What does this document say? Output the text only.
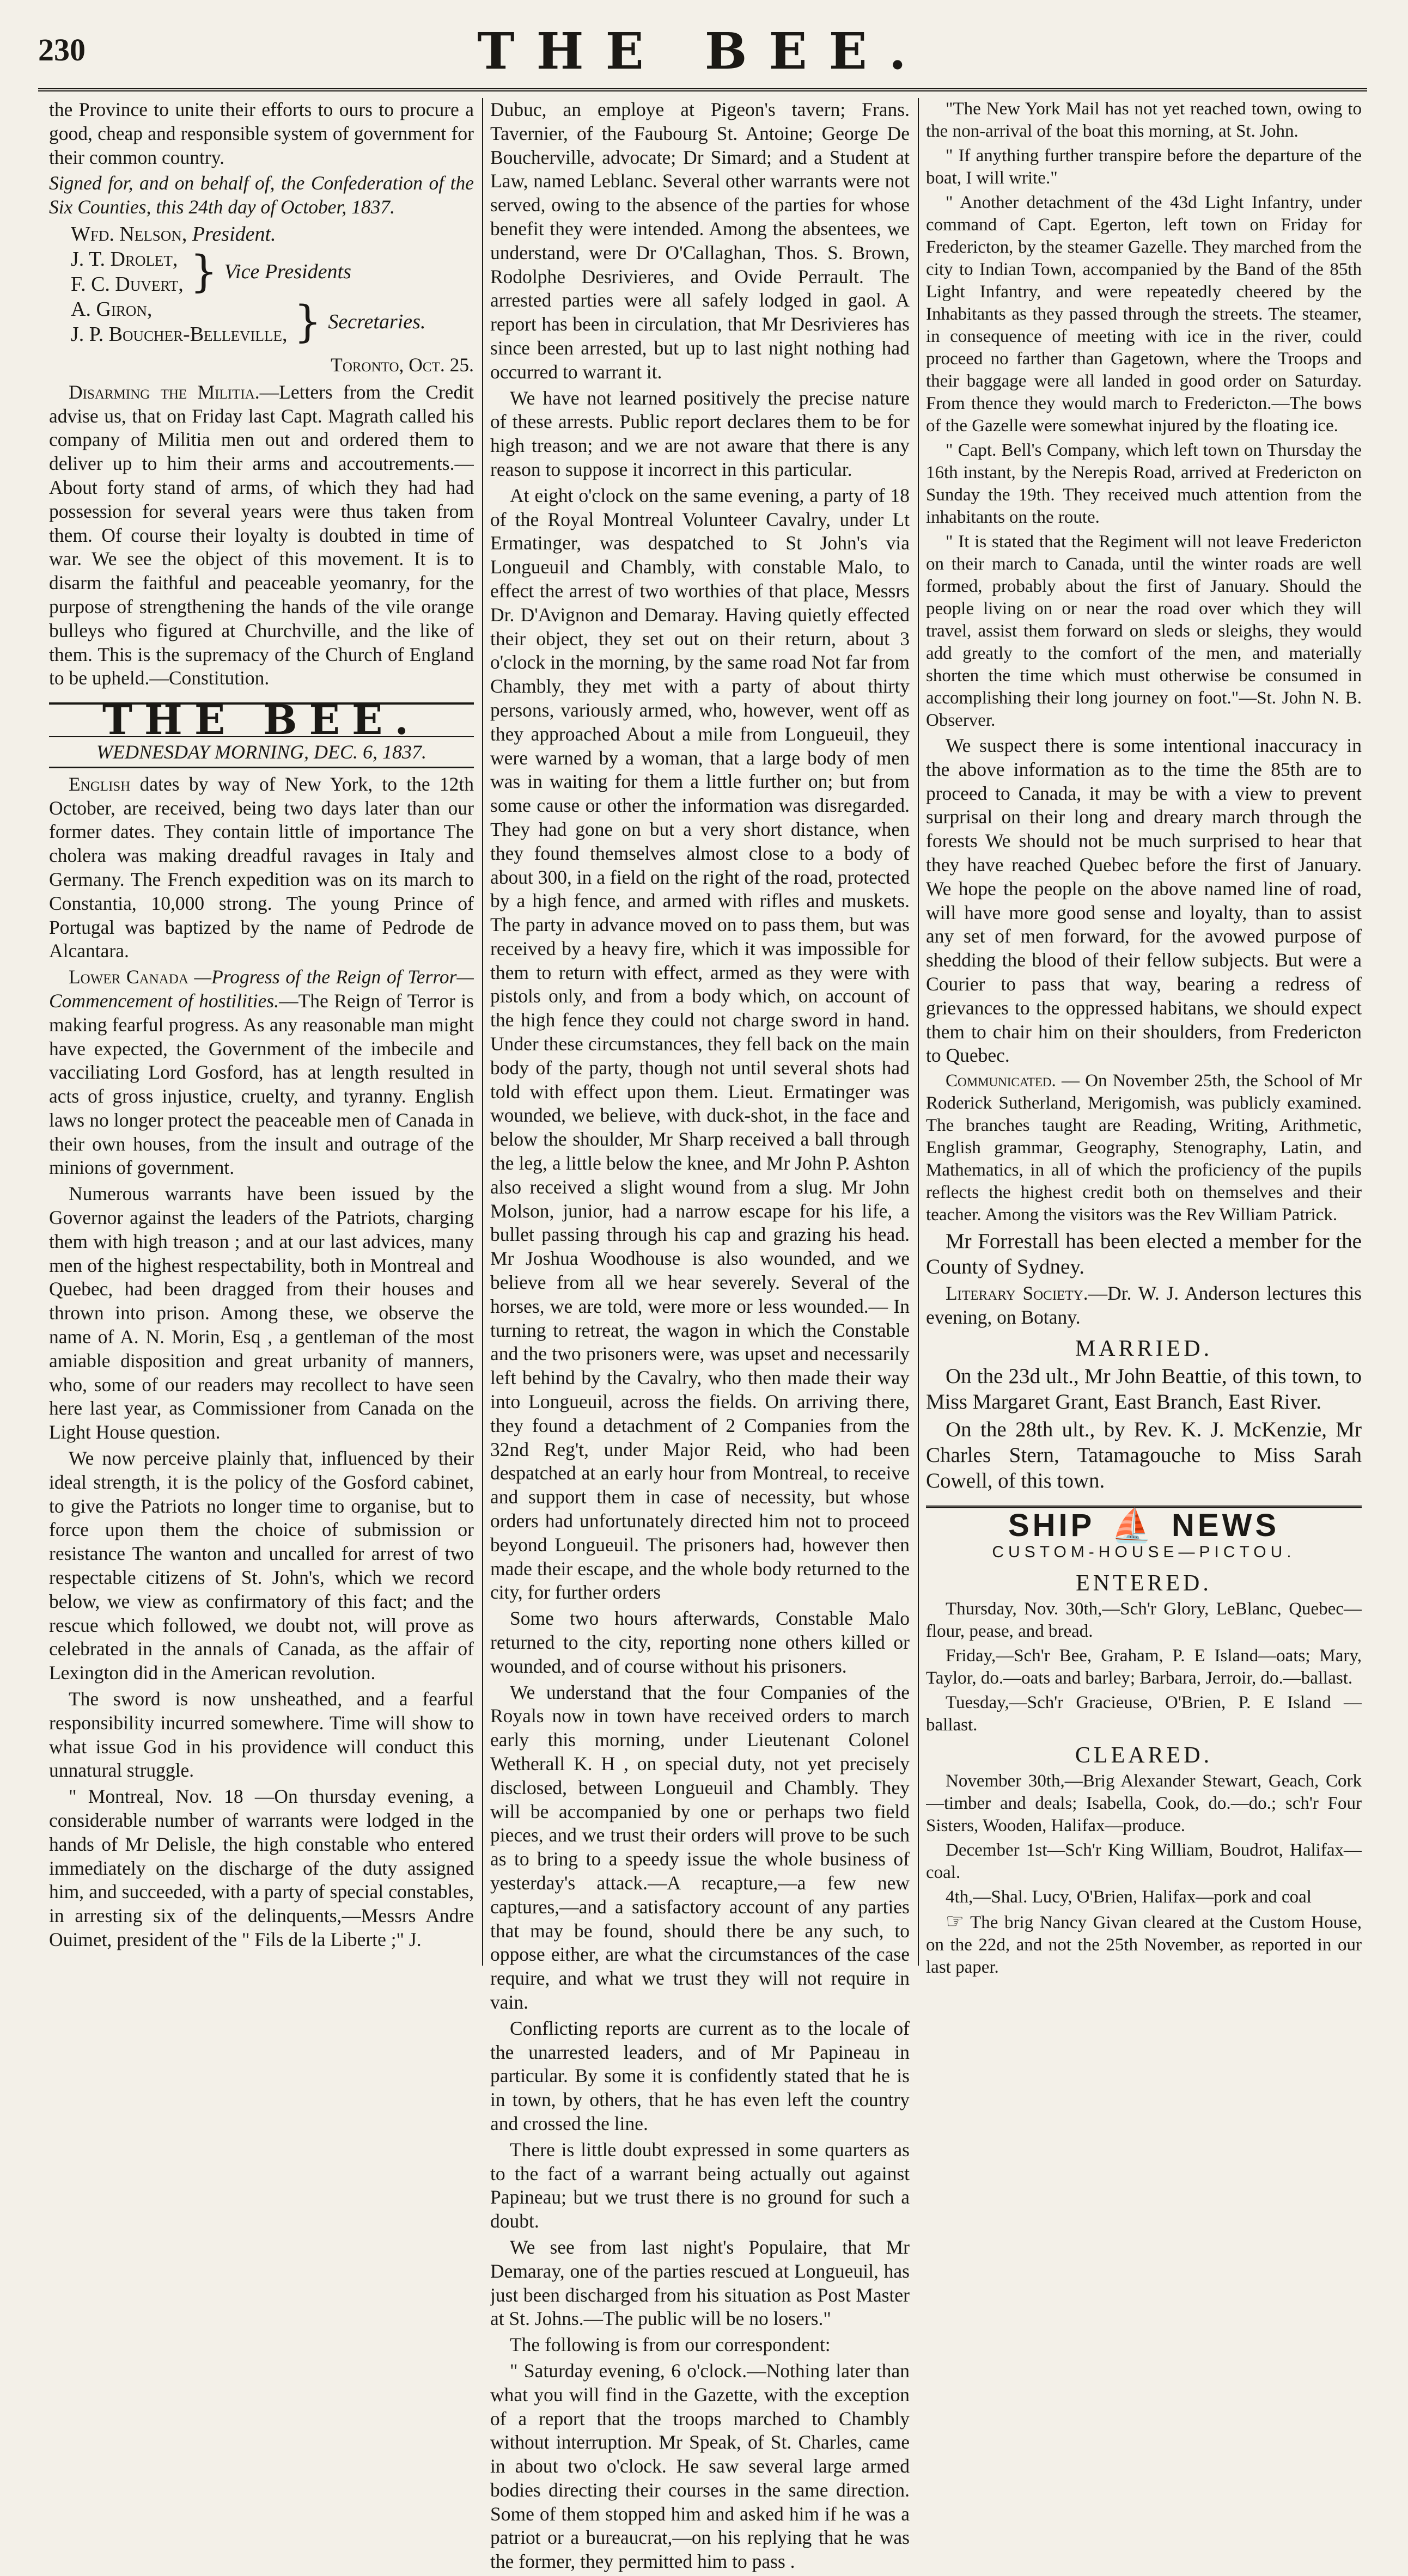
230	THE BEE.

the Province to unite their efforts to ours to procure a good, cheap and responsible system of government for their common country.

Signed for, and on behalf of, the Confederation of the Six Counties, this 24th day of October, 1837.

Wfd. Nelson, President.
J. T. Drolet,
F. C. Duvert, } Vice Presidents
A. Giron,
J. P. Boucher-Belleville, } Secretaries.
Toronto, Oct. 25.

Disarming the Militia.—Letters from the Credit advise us, that on Friday last Capt. Magrath called his company of Militia men out and ordered them to deliver up to him their arms and accoutrements.—About forty stand of arms, of which they had had possession for several years were thus taken from them. Of course their loyalty is doubted in time of war. We see the object of this movement. It is to disarm the faithful and peaceable yeomanry, for the purpose of strengthening the hands of the vile orange bulleys who figured at Churchville, and the like of them. This is the supremacy of the Church of England to be upheld.—Constitution.

THE BEE.
WEDNESDAY MORNING, DEC. 6, 1837.

English dates by way of New York, to the 12th October, are received, being two days later than our former dates. They contain little of importance The cholera was making dreadful ravages in Italy and Germany. The French expedition was on its march to Constantia, 10,000 strong. The young Prince of Portugal was baptized by the name of Pedrode de Alcantara.

Lower Canada —Progress of the Reign of Terror—Commencement of hostilities.—The Reign of Terror is making fearful progress. As any reasonable man might have expected, the Government of the imbecile and vacciliating Lord Gosford, has at length resulted in acts of gross injustice, cruelty, and tyranny. English laws no longer protect the peaceable men of Canada in their own houses, from the insult and outrage of the minions of government.

Numerous warrants have been issued by the Governor against the leaders of the Patriots, charging them with high treason ; and at our last advices, many men of the highest respectability, both in Montreal and Quebec, had been dragged from their houses and thrown into prison. Among these, we observe the name of A. N. Morin, Esq , a gentleman of the most amiable disposition and great urbanity of manners, who, some of our readers may recollect to have seen here last year, as Commissioner from Canada on the Light House question.

We now perceive plainly that, influenced by their ideal strength, it is the policy of the Gosford cabinet, to give the Patriots no longer time to organise, but to force upon them the choice of submission or resistance The wanton and uncalled for arrest of two respectable citizens of St. John's, which we record below, we view as confirmatory of this fact; and the rescue which followed, we doubt not, will prove as celebrated in the annals of Canada, as the affair of Lexington did in the American revolution.

The sword is now unsheathed, and a fearful responsibility incurred somewhere. Time will show to what issue God in his providence will conduct this unnatural struggle.

" Montreal, Nov. 18 —On thursday evening, a considerable number of warrants were lodged in the hands of Mr Delisle, the high constable who entered immediately on the discharge of the duty assigned him, and succeeded, with a party of special constables, in arresting six of the delinquents,—Messrs Andre Ouimet, president of the " Fils de la Liberte ;" J.

Dubuc, an employe at Pigeon's tavern; Frans. Tavernier, of the Faubourg St. Antoine; George De Boucherville, advocate; Dr Simard; and a Student at Law, named Leblanc. Several other warrants were not served, owing to the absence of the parties for whose benefit they were intended. Among the absentees, we understand, were Dr O'Callaghan, Thos. S. Brown, Rodolphe Desrivieres, and Ovide Perrault. The arrested parties were all safely lodged in gaol. A report has been in circulation, that Mr Desrivieres has since been arrested, but up to last night nothing had occurred to warrant it.

We have not learned positively the precise nature of these arrests. Public report declares them to be for high treason; and we are not aware that there is any reason to suppose it incorrect in this particular.

At eight o'clock on the same evening, a party of 18 of the Royal Montreal Volunteer Cavalry, under Lt Ermatinger, was despatched to St John's via Longueuil and Chambly, with constable Malo, to effect the arrest of two worthies of that place, Messrs Dr. D'Avignon and Demaray. Having quietly effected their object, they set out on their return, about 3 o'clock in the morning, by the same road Not far from Chambly, they met with a party of about thirty persons, variously armed, who, however, went off as they approached About a mile from Longueuil, they were warned by a woman, that a large body of men was in waiting for them a little further on; but from some cause or other the information was disregarded. They had gone on but a very short distance, when they found themselves almost close to a body of about 300, in a field on the right of the road, protected by a high fence, and armed with rifles and muskets. The party in advance moved on to pass them, but was received by a heavy fire, which it was impossible for them to return with effect, armed as they were with pistols only, and from a body which, on account of the high fence they could not charge sword in hand. Under these circumstances, they fell back on the main body of the party, though not until several shots had told with effect upon them. Lieut. Ermatinger was wounded, we believe, with duck-shot, in the face and below the shoulder, Mr Sharp received a ball through the leg, a little below the knee, and Mr John P. Ashton also received a slight wound from a slug. Mr John Molson, junior, had a narrow escape for his life, a bullet passing through his cap and grazing his head. Mr Joshua Woodhouse is also wounded, and we believe from all we hear severely. Several of the horses, we are told, were more or less wounded.— In turning to retreat, the wagon in which the Constable and the two prisoners were, was upset and necessarily left behind by the Cavalry, who then made their way into Longueuil, across the fields. On arriving there, they found a detachment of 2 Companies from the 32nd Reg't, under Major Reid, who had been despatched at an early hour from Montreal, to receive and support them in case of necessity, but whose orders had unfortunately directed him not to proceed beyond Longueuil. The prisoners had, however then made their escape, and the whole body returned to the city, for further orders

Some two hours afterwards, Constable Malo returned to the city, reporting none others killed or wounded, and of course without his prisoners.

We understand that the four Companies of the Royals now in town have received orders to march early this morning, under Lieutenant Colonel Wetherall K. H , on special duty, not yet precisely disclosed, between Longueuil and Chambly. They will be accompanied by one or perhaps two field pieces, and we trust their orders will prove to be such as to bring to a speedy issue the whole business of yesterday's attack.—A recapture,—a few new captures,—and a satisfactory account of any parties that may be found, should there be any such, to oppose either, are what the circumstances of the case require, and what we trust they will not require in vain.

Conflicting reports are current as to the locale of the unarrested leaders, and of Mr Papineau in particular. By some it is confidently stated that he is in town, by others, that he has even left the country and crossed the line.

There is little doubt expressed in some quarters as to the fact of a warrant being actually out against Papineau; but we trust there is no ground for such a doubt.

We see from last night's Populaire, that Mr Demaray, one of the parties rescued at Longueuil, has just been discharged from his situation as Post Master at St. Johns.—The public will be no losers."

The following is from our correspondent:

" Saturday evening, 6 o'clock.—Nothing later than what you will find in the Gazette, with the exception of a report that the troops marched to Chambly without interruption. Mr Speak, of St. Charles, came in about two o'clock. He saw several large armed bodies directing their courses in the same direction. Some of them stopped him and asked him if he was a patriot or a bureaucrat,—on his replying that he was the former, they permitted him to pass .

"The New York Mail has not yet reached town, owing to the non-arrival of the boat this morning, at St. John.

" If anything further transpire before the departure of the boat, I will write."

" Another detachment of the 43d Light Infantry, under command of Capt. Egerton, left town on Friday for Fredericton, by the steamer Gazelle. They marched from the city to Indian Town, accompanied by the Band of the 85th Light Infantry, and were repeatedly cheered by the Inhabitants as they passed through the streets. The steamer, in consequence of meeting with ice in the river, could proceed no farther than Gagetown, where the Troops and their baggage were all landed in good order on Saturday. From thence they would march to Fredericton.—The bows of the Gazelle were somewhat injured by the floating ice.

" Capt. Bell's Company, which left town on Thursday the 16th instant, by the Nerepis Road, arrived at Fredericton on Sunday the 19th. They received much attention from the inhabitants on the route.

" It is stated that the Regiment will not leave Fredericton on their march to Canada, until the winter roads are well formed, probably about the first of January. Should the people living on or near the road over which they will travel, assist them forward on sleds or sleighs, they would add greatly to the comfort of the men, and materially shorten the time which must otherwise be consumed in accomplishing their long journey on foot."—St. John N. B. Observer.

We suspect there is some intentional inaccuracy in the above information as to the time the 85th are to proceed to Canada, it may be with a view to prevent surprisal on their long and dreary march through the forests We should not be much surprised to hear that they have reached Quebec before the first of January. We hope the people on the above named line of road, will have more good sense and loyalty, than to assist any set of men forward, for the avowed purpose of shedding the blood of their fellow subjects. But were a Courier to pass that way, bearing a redress of grievances to the oppressed habitans, we should expect them to chair him on their shoulders, from Fredericton to Quebec.

Communicated. — On November 25th, the School of Mr Roderick Sutherland, Merigomish, was publicly examined. The branches taught are Reading, Writing, Arithmetic, English grammar, Geography, Stenography, Latin, and Mathematics, in all of which the proficiency of the pupils reflects the highest credit both on themselves and their teacher. Among the visitors was the Rev William Patrick.

Mr Forrestall has been elected a member for the County of Sydney.

Literary Society.—Dr. W. J. Anderson lectures this evening, on Botany.

MARRIED.

On the 23d ult., Mr John Beattie, of this town, to Miss Margaret Grant, East Branch, East River.

On the 28th ult., by Rev. K. J. McKenzie, Mr Charles Stern, Tatamagouche to Miss Sarah Cowell, of this town.

SHIP ⛵ NEWS
CUSTOM-HOUSE—PICTOU.
ENTERED.

Thursday, Nov. 30th,—Sch'r Glory, LeBlanc, Quebec—flour, pease, and bread.

Friday,—Sch'r Bee, Graham, P. E Island—oats; Mary, Taylor, do.—oats and barley; Barbara, Jerroir, do.—ballast.

Tuesday,—Sch'r Gracieuse, O'Brien, P. E Island —ballast.

CLEARED.

November 30th,—Brig Alexander Stewart, Geach, Cork—timber and deals; Isabella, Cook, do.—do.; sch'r Four Sisters, Wooden, Halifax—produce.

December 1st—Sch'r King William, Boudrot, Halifax—coal.

4th,—Shal. Lucy, O'Brien, Halifax—pork and coal

☞ The brig Nancy Givan cleared at the Custom House, on the 22d, and not the 25th November, as reported in our last paper.
